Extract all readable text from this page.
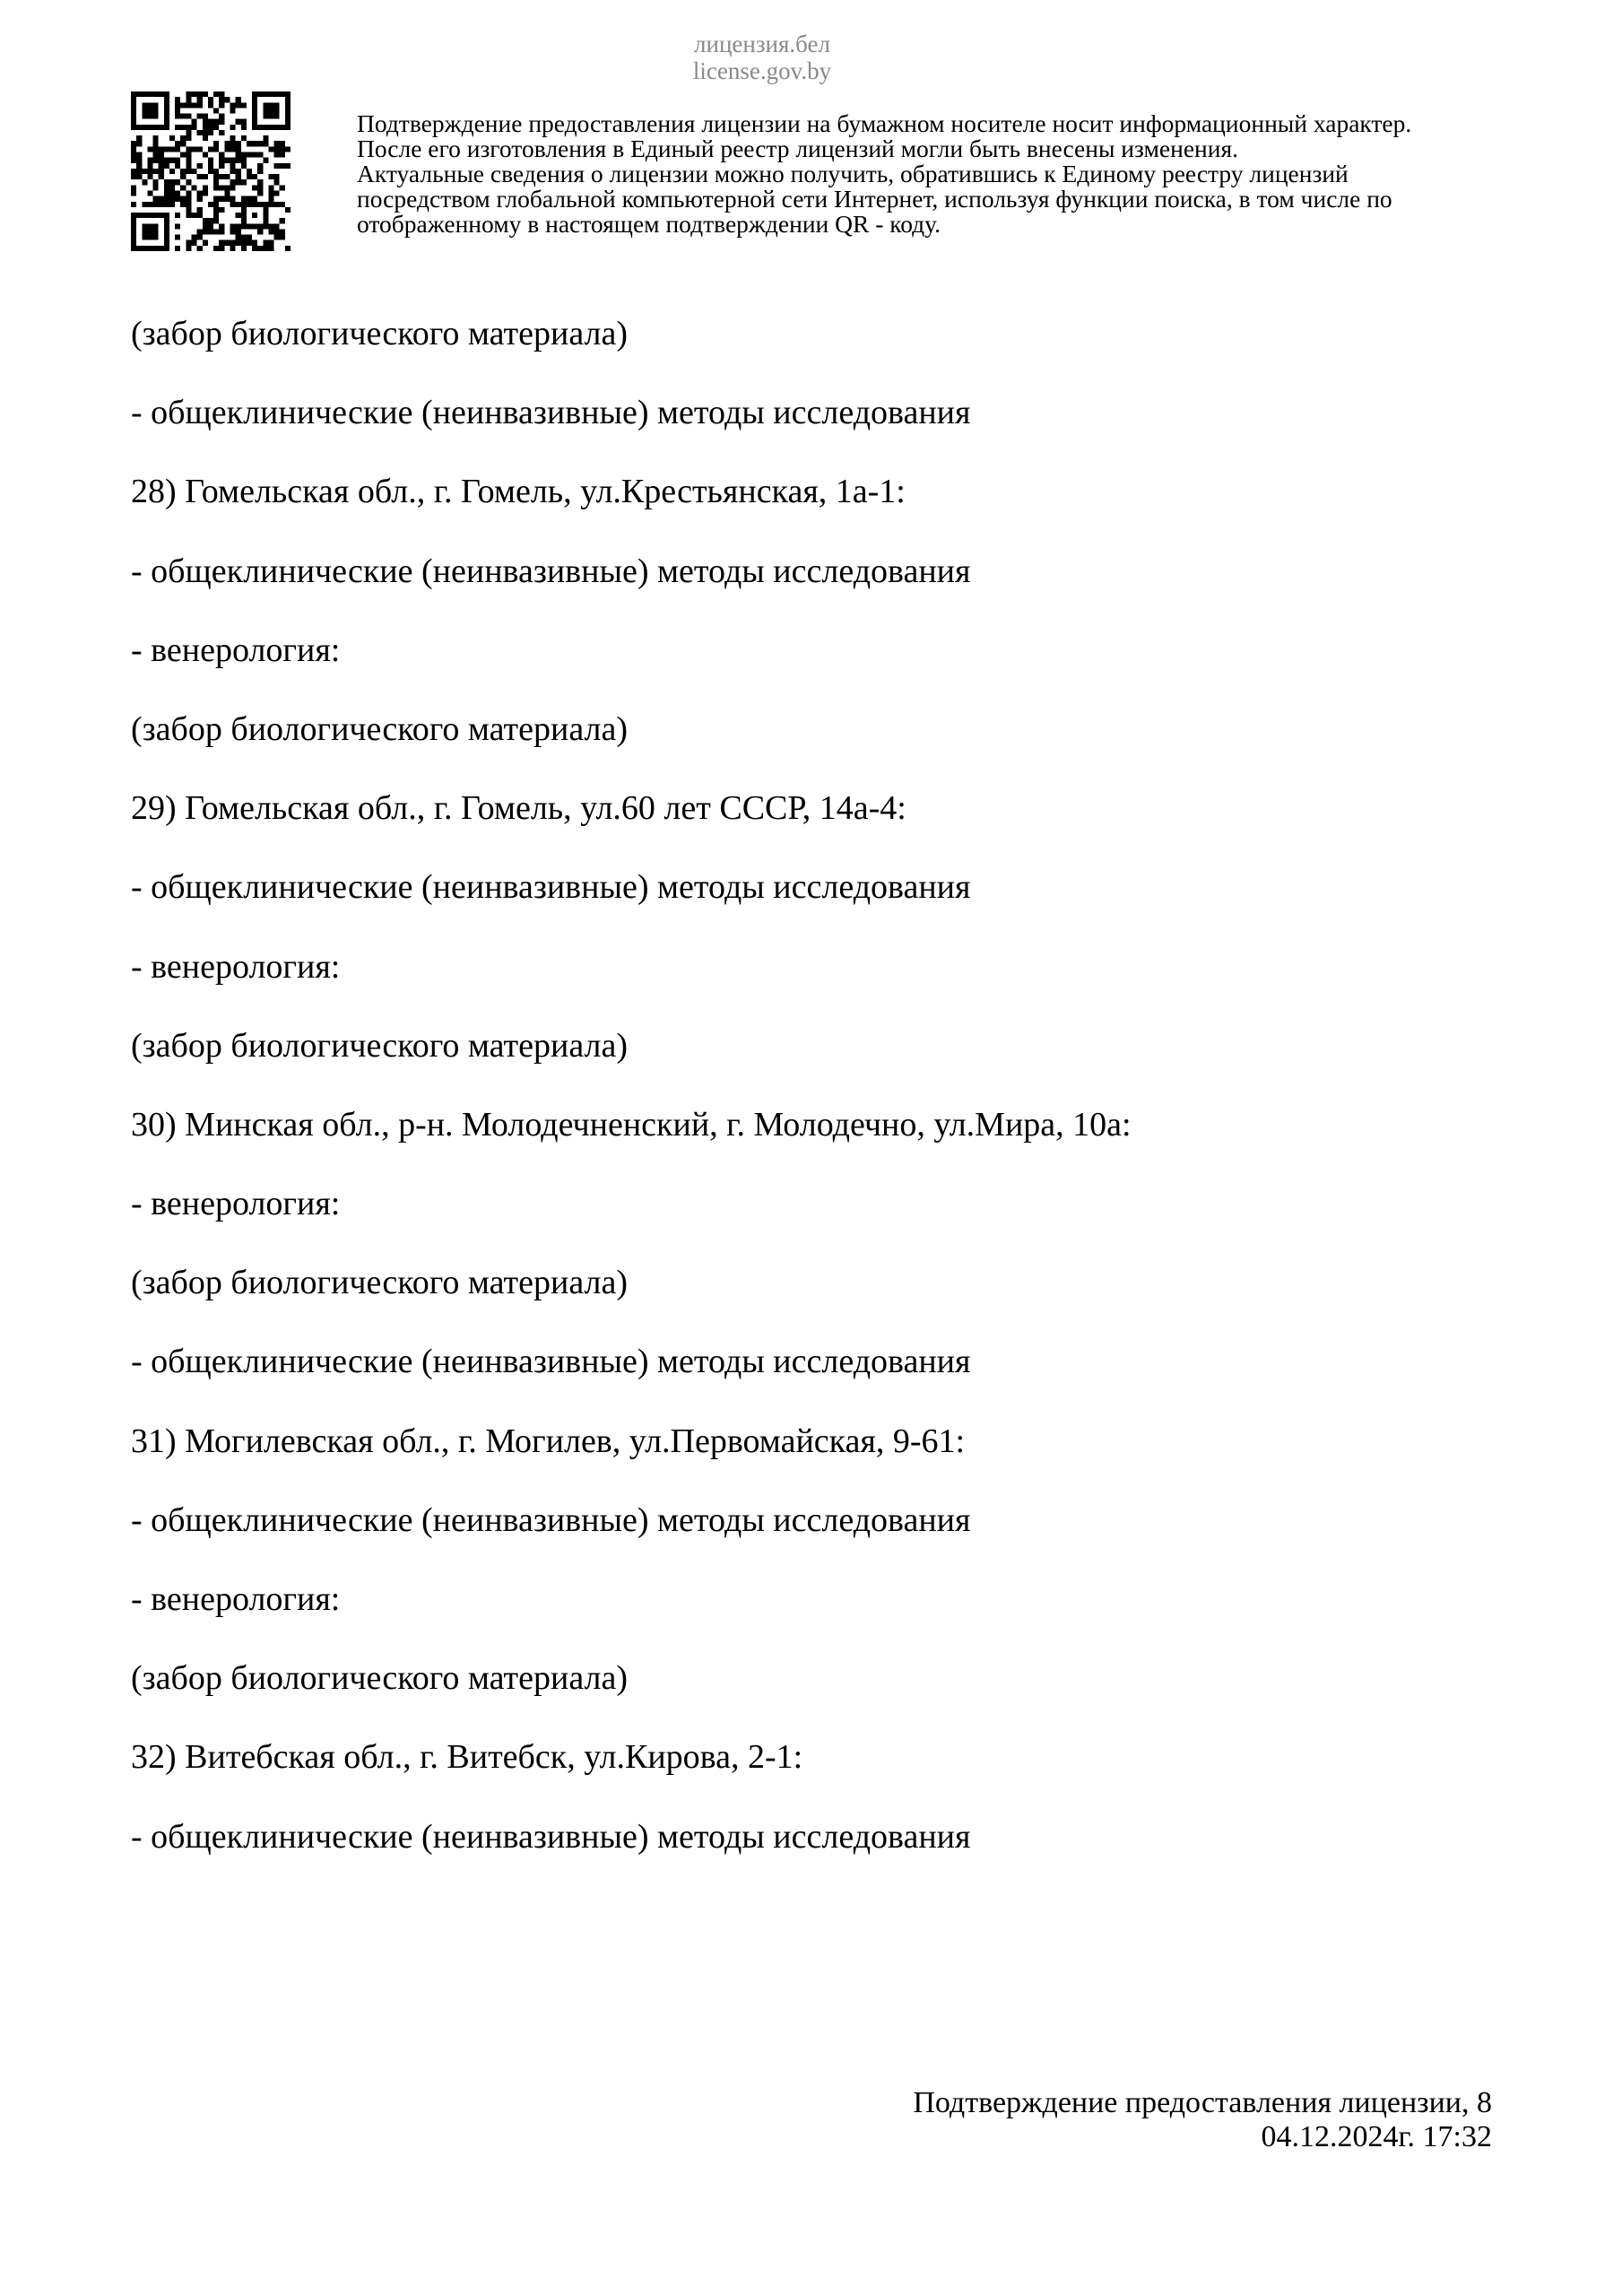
лицензия.бел
license.gov.by
Подтверждение предоставления лицензии на бумажном носителе носит информационный характер.
После его изготовления в Единый реестр лицензий могли быть внесены изменения.
Актуальные сведения о лицензии можно получить, обратившись к Единому реестру лицензий
посредством глобальной компьютерной сети Интернет, используя функции поиска, в том числе по
отображенному в настоящем подтверждении QR - коду.
(забор биологического материала)
- общеклинические (неинвазивные) методы исследования
28) Гомельская обл., г. Гомель, ул.Крестьянская, 1а-1:
- общеклинические (неинвазивные) методы исследования
- венерология:
(забор биологического материала)
29) Гомельская обл., г. Гомель, ул.60 лет СССР, 14а-4:
- общеклинические (неинвазивные) методы исследования
- венерология:
(забор биологического материала)
30) Минская обл., р-н. Молодечненский, г. Молодечно, ул.Мира, 10а:
- венерология:
(забор биологического материала)
- общеклинические (неинвазивные) методы исследования
31) Могилевская обл., г. Могилев, ул.Первомайская, 9-61:
- общеклинические (неинвазивные) методы исследования
- венерология:
(забор биологического материала)
32) Витебская обл., г. Витебск, ул.Кирова, 2-1:
- общеклинические (неинвазивные) методы исследования
Подтверждение предоставления лицензии, 8
04.12.2024г. 17:32
